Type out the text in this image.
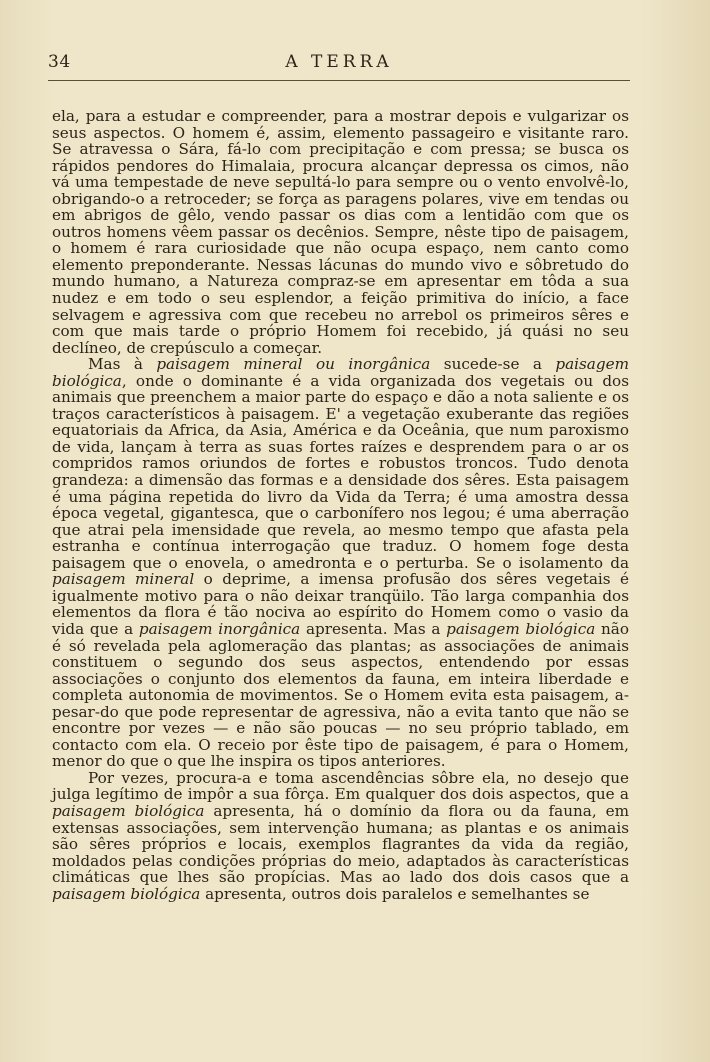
34	A TERRA

ela, para a estudar e compreender, para a mostrar depois e vulgarizar os seus aspectos. O homem é, assim, elemento passageiro e visitante raro. Se atravessa o Sára, fá-lo com precipitação e com pressa; se busca os rápidos pendores do Himalaia, procura alcançar depressa os cimos, não vá uma tempestade de neve sepultá-lo para sempre ou o vento envolvê-lo, obrigando-o a retroceder; se força as paragens polares, vive em tendas ou em abrigos de gêlo, vendo passar os dias com a lentidão com que os outros homens vêem passar os decênios. Sempre, nêste tipo de paisagem, o homem é rara curiosidade que não ocupa espaço, nem canto como elemento preponderante. Nessas lácunas do mundo vivo e sôbretudo do mundo humano, a Natureza compraz-se em apresentar em tôda a sua nudez e em todo o seu esplendor, a feição primitiva do início, a face selvagem e agressiva com que recebeu no arrebol os primeiros sêres e com que mais tarde o próprio Homem foi recebido, já quási no seu declíneo, de crepúsculo a começar.

Mas à paisagem mineral ou inorgânica sucede-se a paisagem biológica, onde o dominante é a vida organizada dos vegetais ou dos animais que preenchem a maior parte do espaço e dão a nota saliente e os traços característicos à paisagem. E' a vegetação exuberante das regiões equatoriais da Africa, da Asia, América e da Oceânia, que num paroxismo de vida, lançam à terra as suas fortes raízes e desprendem para o ar os compridos ramos oriundos de fortes e robustos troncos. Tudo denota grandeza: a dimensão das formas e a densidade dos sêres. Esta paisagem é uma página repetida do livro da Vida da Terra; é uma amostra dessa época vegetal, gigantesca, que o carbonífero nos legou; é uma aberração que atrai pela imensidade que revela, ao mesmo tempo que afasta pela estranha e contínua interrogação que traduz. O homem foge desta paisagem que o enovela, o amedronta e o perturba. Se o isolamento da paisagem mineral o deprime, a imensa profusão dos sêres vegetais é igualmente motivo para o não deixar tranqüilo. Tão larga companhia dos elementos da flora é tão nociva ao espírito do Homem como o vasio da vida que a paisagem inorgânica apresenta. Mas a paisagem biológica não é só revelada pela aglomeração das plantas; as associações de animais constituem o segundo dos seus aspectos, entendendo por essas associações o conjunto dos elementos da fauna, em inteira liberdade e completa autonomia de movimentos. Se o Homem evita esta paisagem, a-pesar-do que pode representar de agressiva, não a evita tanto que não se encontre por vezes — e não são poucas — no seu próprio tablado, em contacto com ela. O receio por êste tipo de paisagem, é para o Homem, menor do que o que lhe inspira os tipos anteriores.

Por vezes, procura-a e toma ascendências sôbre ela, no desejo que julga legítimo de impôr a sua fôrça. Em qualquer dos dois aspectos, que a paisagem biológica apresenta, há o domínio da flora ou da fauna, em extensas associações, sem intervenção humana; as plantas e os animais são sêres próprios e locais, exemplos flagrantes da vida da região, moldados pelas condições próprias do meio, adaptados às características climáticas que lhes são propícias. Mas ao lado dos dois casos que a paisagem biológica apresenta, outros dois paralelos e semelhantes se
